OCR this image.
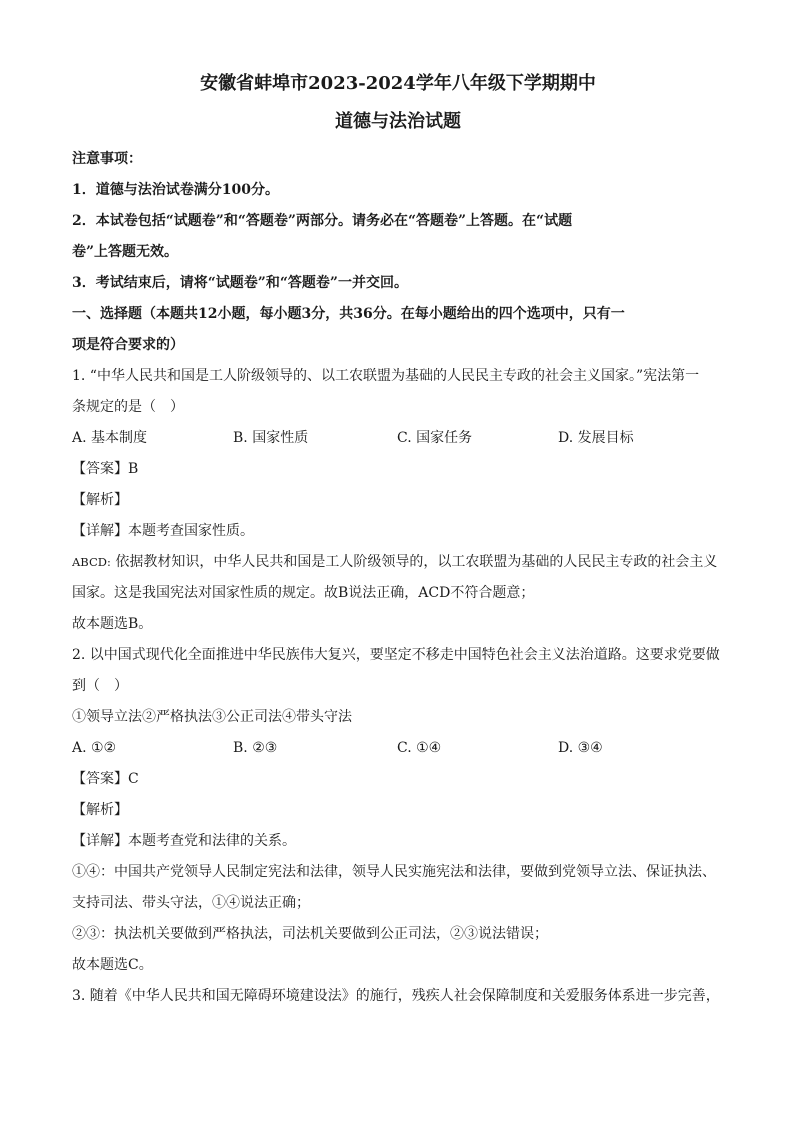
安徽省蚌埠市2023-2024学年八年级下学期期中
道德与法治试题
注意事项：
1．道德与法治试卷满分100分。
2．本试卷包括“试题卷”和“答题卷”两部分。请务必在“答题卷”上答题。在“试题
卷”上答题无效。
3．考试结束后，请将“试题卷”和“答题卷”一并交回。
一、选择题（本题共12小题，每小题3分，共36分。在每小题给出的四个选项中，只有一
项是符合要求的）
1. “中华人民共和国是工人阶级领导的、以工农联盟为基础的人民民主专政的社会主义国家。”宪法第一
条规定的是（　）
A. 基本制度	B. 国家性质	C. 国家任务	D. 发展目标
【答案】B
【解析】
【详解】本题考查国家性质。
ABCD: 依据教材知识，中华人民共和国是工人阶级领导的，以工农联盟为基础的人民民主专政的社会主义
国家。这是我国宪法对国家性质的规定。故B说法正确，ACD不符合题意；
故本题选B。
2. 以中国式现代化全面推进中华民族伟大复兴，要坚定不移走中国特色社会主义法治道路。这要求党要做
到（　）
①领导立法②严格执法③公正司法④带头守法
A. ①②	B. ②③	C. ①④	D. ③④
【答案】C
【解析】
【详解】本题考查党和法律的关系。
①④：中国共产党领导人民制定宪法和法律，领导人民实施宪法和法律，要做到党领导立法、保证执法、
支持司法、带头守法，①④说法正确；
②③：执法机关要做到严格执法，司法机关要做到公正司法，②③说法错误；
故本题选C。
3. 随着《中华人民共和国无障碍环境建设法》的施行，残疾人社会保障制度和关爱服务体系进一步完善，
